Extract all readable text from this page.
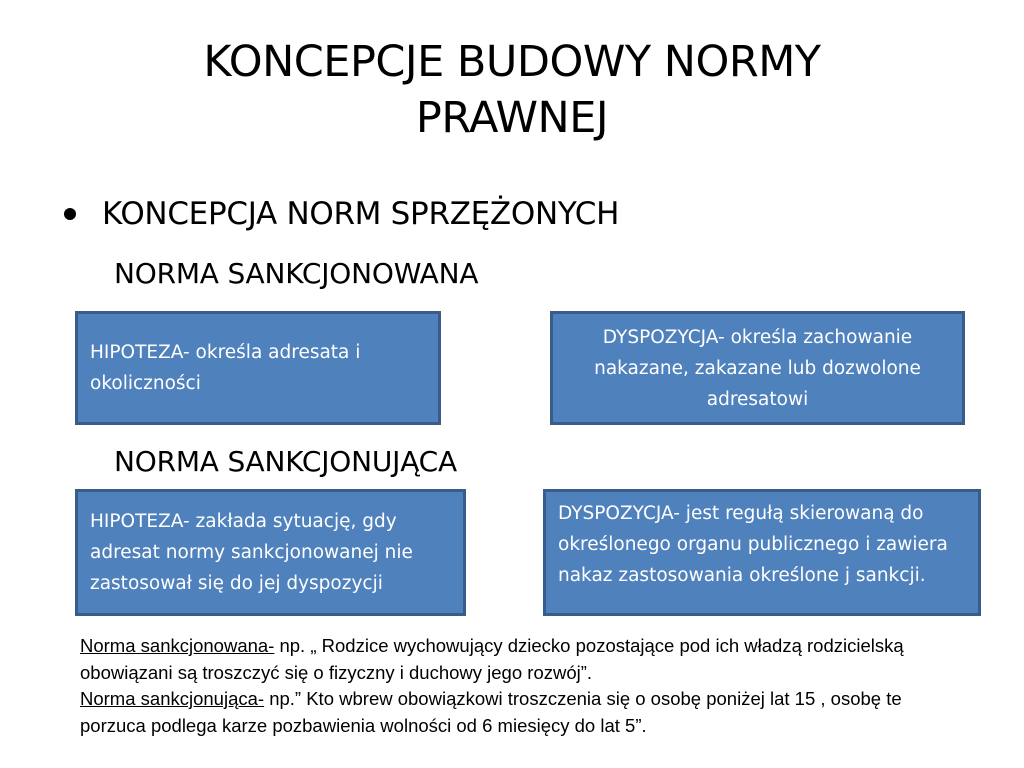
KONCEPCJE BUDOWY NORMY
PRAWNEJ
KONCEPCJA NORM SPRZĘŻONYCH
NORMA SANKCJONOWANA
HIPOTEZA- określa adresata i okoliczności
DYSPOZYCJA- określa zachowanie nakazane, zakazane lub dozwolone adresatowi
NORMA SANKCJONUJĄCA
HIPOTEZA- zakłada sytuację, gdy adresat normy sankcjonowanej nie zastosował się do jej dyspozycji
DYSPOZYCJA- jest regułą skierowaną do określonego organu publicznego i zawiera nakaz zastosowania określone j sankcji.
Norma sankcjonowana- np. „ Rodzice wychowujący dziecko pozostające pod ich władzą rodzicielską obowiązani są troszczyć się o fizyczny i duchowy jego rozwój”.
Norma sankcjonująca- np.” Kto wbrew obowiązkowi troszczenia się o osobę poniżej lat 15 , osobę te porzuca podlega karze pozbawienia wolności od 6 miesięcy do lat 5”.
